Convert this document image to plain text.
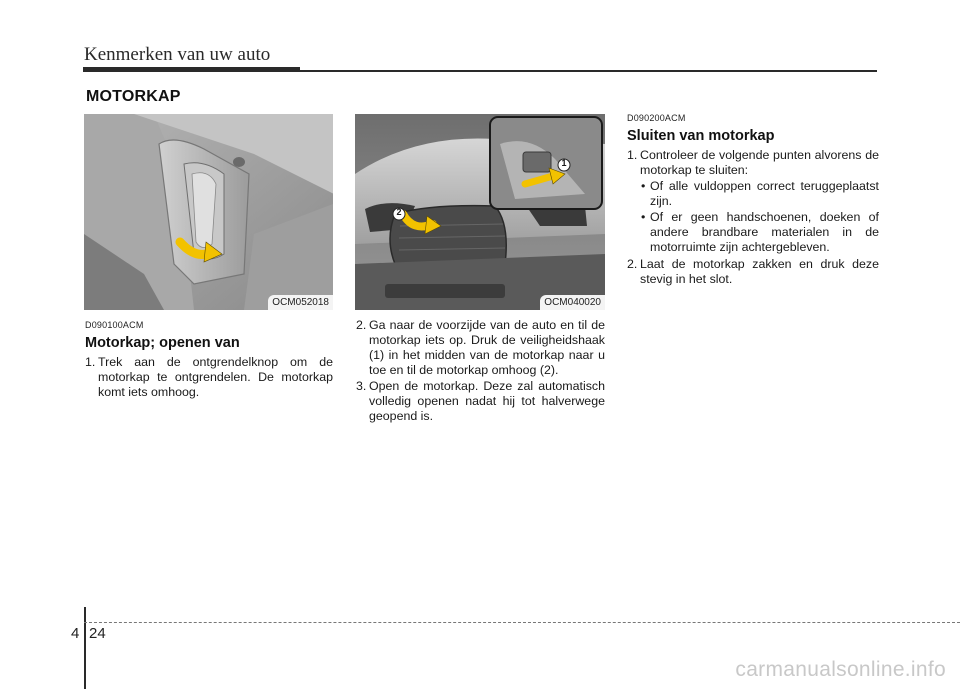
Kenmerken van uw auto
MOTORKAP
OCM052018
2
1
OCM040020
D090100ACM
Motorkap; openen van
1. Trek aan de ontgrendelknop om de motorkap te ontgrendelen. De motorkap komt iets omhoog.
2. Ga naar de voorzijde van de auto en til de motorkap iets op. Druk de veiligheidshaak (1) in het midden van de motorkap naar u toe en til de motorkap omhoog (2).
3. Open de motorkap. Deze zal automatisch volledig openen nadat hij tot halverwege geopend is.
D090200ACM
Sluiten van motorkap
1. Controleer de volgende punten alvorens de motorkap te sluiten:
• Of alle vuldoppen correct teruggeplaatst zijn.
• Of er geen handschoenen, doeken of andere brandbare materialen in de motorruimte zijn achtergebleven.
2. Laat de motorkap zakken en druk deze stevig in het slot.
4 24
carmanualsonline.info
